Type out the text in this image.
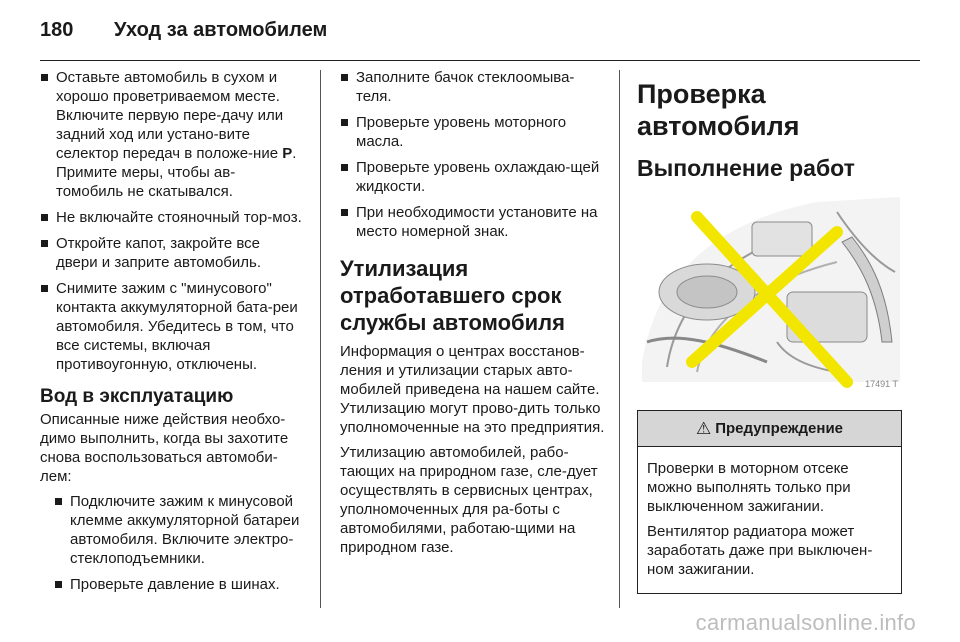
180	Уход за автомобилем
Оставьте автомобиль в сухом и хорошо проветриваемом месте. Включите первую пере-дачу или задний ход или устано-вите селектор передач в положе-ние P. Примите меры, чтобы ав-томобиль не скатывался.
Не включайте стояночный тор-моз.
Откройте капот, закройте все двери и заприте автомобиль.
Снимите зажим с "минусового" контакта аккумуляторной бата-реи автомобиля. Убедитесь в том, что все системы, включая противоугонную, отключены.
Вод в эксплуатацию

Описанные ниже действия необхо-димо выполнить, когда вы захотите снова воспользоваться автомоби-лем:

Подключите зажим к минусовой клемме аккумуляторной батареи автомобиля. Включите электро-стеклоподъемники.
Проверьте давление в шинах.
Заполните бачок стеклоомыва-теля.
Проверьте уровень моторного масла.
Проверьте уровень охлаждаю-щей жидкости.
При необходимости установите на место номерной знак.
Утилизация отработавшего срок службы автомобиля

Информация о центрах восстанов-ления и утилизации старых авто-мобилей приведена на нашем сайте. Утилизацию могут прово-дить только уполномоченные на это предприятия.

Утилизацию автомобилей, рабо-тающих на природном газе, сле-дует осуществлять в сервисных центрах, уполномоченных для ра-боты с автомобилями, работаю-щими на природном газе.

Проверка автомобиля
Выполнение работ
17491 T
⚠ Предупреждение

Проверки в моторном отсеке можно выполнять только при выключенном зажигании.

Вентилятор радиатора может заработать даже при выключен-ном зажигании.

carmanualsonline.info
